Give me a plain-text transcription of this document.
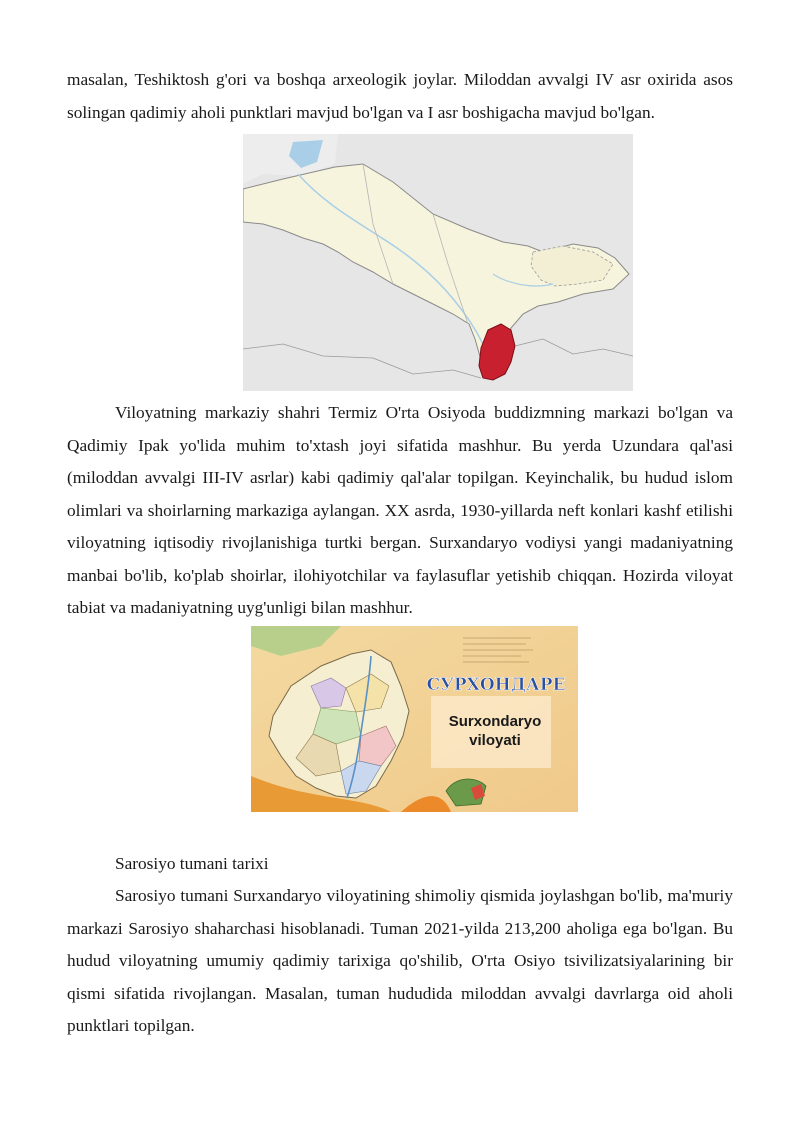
masalan, Teshiktosh g'ori va boshqa arxeologik joylar. Miloddan avvalgi IV asr oxirida asos solingan qadimiy aholi punktlari mavjud bo'lgan va I asr boshigacha mavjud bo'lgan.

Viloyatning markaziy shahri Termiz O'rta Osiyoda buddizmning markazi bo'lgan va Qadimiy Ipak yo'lida muhim to'xtash joyi sifatida mashhur. Bu yerda Uzundara qal'asi (miloddan avvalgi III-IV asrlar) kabi qadimiy qal'alar topilgan. Keyinchalik, bu hudud islom olimlari va shoirlarning markaziga aylangan. XX asrda, 1930-yillarda neft konlari kashf etilishi viloyatning iqtisodiy rivojlanishiga turtki bergan. Surxandaryo vodiysi yangi madaniyatning manbai bo'lib, ko'plab shoirlar, ilohiyotchilar va faylasuflar yetishib chiqqan. Hozirda viloyat tabiat va madaniyatning uyg'unligi bilan mashhur.

СУРХОНДАРЕ
Surxondaryo
viloyati

Sarosiyo tumani tarixi

Sarosiyo tumani Surxandaryo viloyatining shimoliy qismida joylashgan bo'lib, ma'muriy markazi Sarosiyo shaharchasi hisoblanadi. Tuman 2021-yilda 213,200 aholiga ega bo'lgan. Bu hudud viloyatning umumiy qadimiy tarixiga qo'shilib, O'rta Osiyo tsivilizatsiyalarining bir qismi sifatida rivojlangan. Masalan, tuman hududida miloddan avvalgi davrlarga oid aholi punktlari topilgan.
